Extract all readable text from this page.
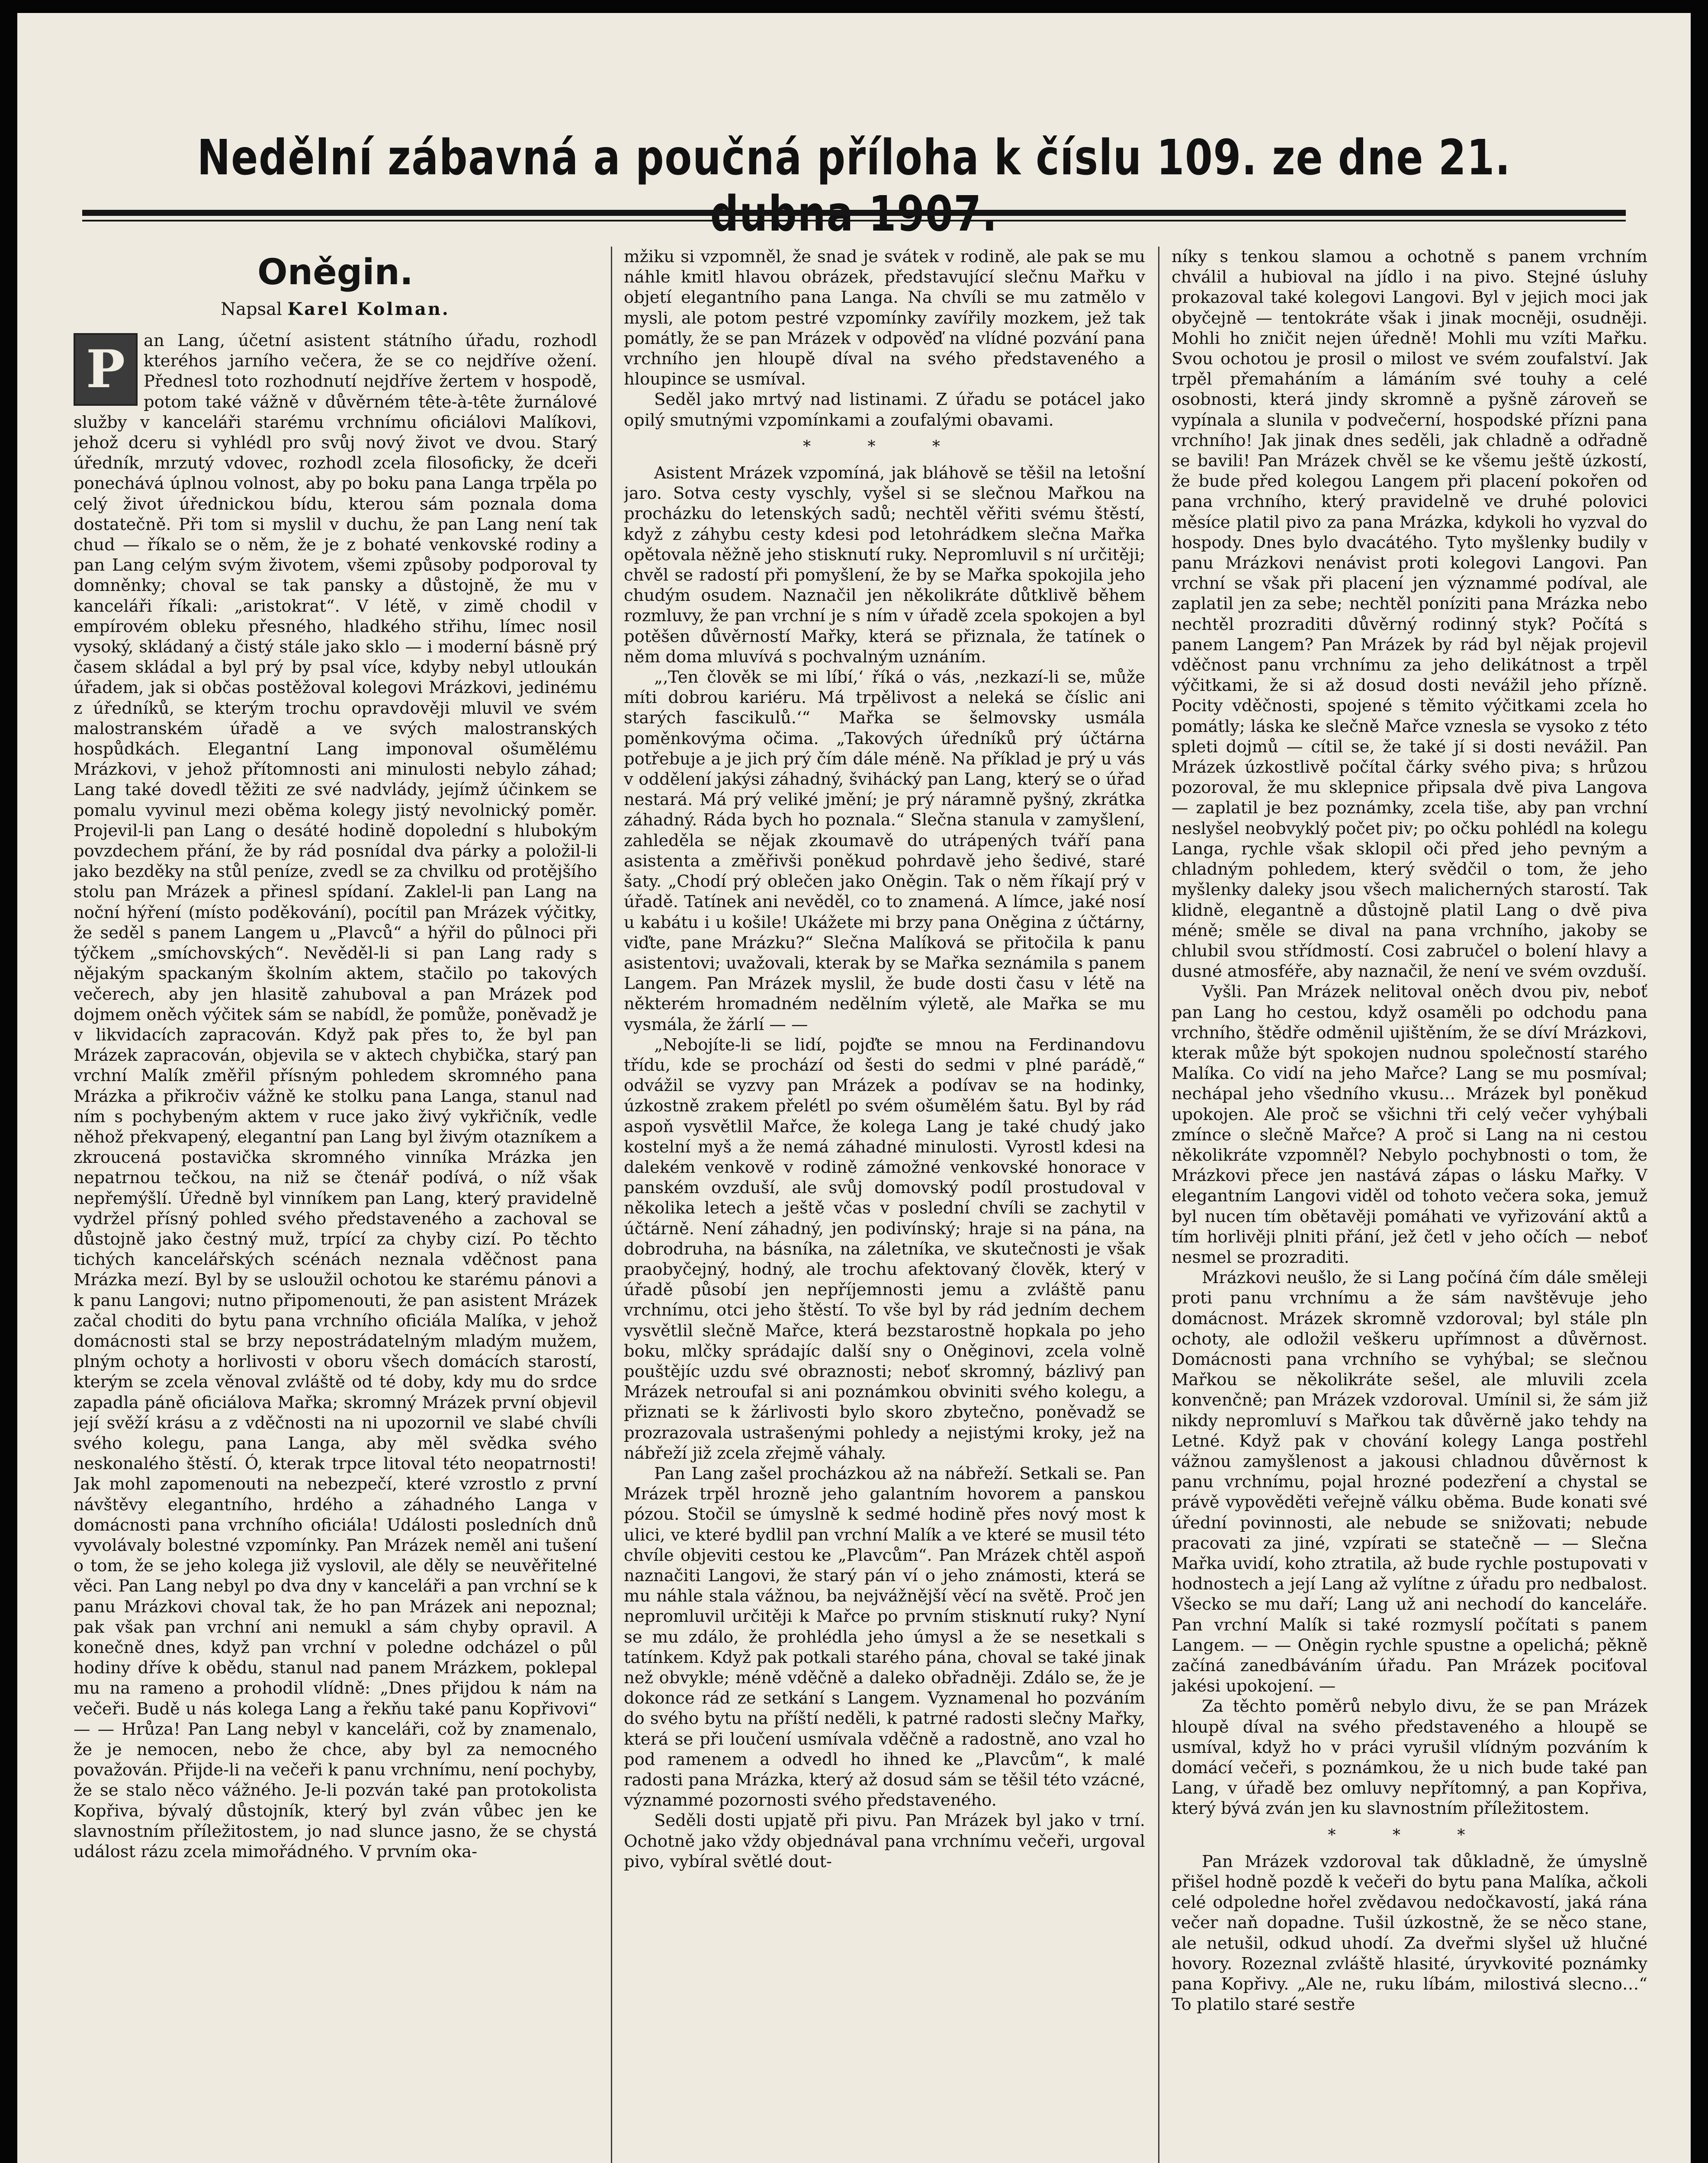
Nedělní zábavná a poučná příloha k číslu 109. ze dne 21.
Oněgin.
Napsal Karel Kolman.
P	an Lang, účetní asistent státního úřadu, rozhodl kteréhos jarního večera, že se co nejdříve ožení. Přednesl toto rozhodnutí nejdříve žertem v hospodě, potom také vážně v důvěrném tête-à-tête žurnálové služby v kanceláři starému vrchnímu oficiálovi Malíkovi, jehož dceru si vyhlédl pro svůj nový život ve dvou. Starý úředník, mrzutý vdovec, rozhodl zcela filosoficky, že dceři ponechává úplnou volnost, aby po boku pana Langa trpěla po celý život úřednickou bídu, kterou sám poznala doma dostatečně. Při tom si myslil v duchu, že pan Lang není tak chud — říkalo se o něm, že je z bohaté venkovské rodiny a pan Lang celým svým životem, všemi způsoby podporoval ty domněnky; choval se tak pansky a důstojně, že mu v kanceláři říkali: „aristokrat“. V létě, v zimě chodil v empírovém obleku přesného, hladkého střihu, límec nosil vysoký, skládaný a čistý stále jako sklo — i moderní básně prý časem skládal a byl prý by psal více, kdyby nebyl utloukán úřadem, jak si občas postěžoval kolegovi Mrázkovi, jedinému z úředníků, se kterým trochu opravdověji mluvil ve svém malostranském úřadě a ve svých malostranských hospůdkách. Elegantní Lang imponoval ošumělému Mrázkovi, v jehož přítomnosti ani minulosti nebylo záhad; Lang také dovedl těžiti ze své nadvlády, jejímž účinkem se pomalu vyvinul mezi oběma kolegy jistý nevolnický poměr. Projevil-li pan Lang o desáté hodině dopolední s hlubokým povzdechem přání, že by rád posnídal dva párky a položil-li jako bezděky na stůl peníze, zvedl se za chvilku od protějšího stolu pan Mrázek a přinesl spídaní. Zaklel-li pan Lang na noční hýření (místo poděkování), pocítil pan Mrázek výčitky, že seděl s panem Langem u „Plavců“ a hýřil do půlnoci při týčkem „smíchovských“. Nevěděl-li si pan Lang rady s nějakým spackaným školním aktem, stačilo po takových večerech, aby jen hlasitě zahuboval a pan Mrázek pod dojmem oněch výčitek sám se nabídl, že pomůže, poněvadž je v likvidacích zapracován. Když pak přes to, že byl pan Mrázek zapracován, objevila se v aktech chybička, starý pan vrchní Malík změřil přísným pohledem skromného pana Mrázka a přikročiv vážně ke stolku pana Langa, stanul nad ním s pochybeným aktem v ruce jako živý vykřičník, vedle něhož překvapený, elegantní pan Lang byl živým otazníkem a zkroucená postavička skromného vinníka Mrázka jen nepatrnou tečkou, na niž se čtenář podívá, o níž však nepřemýšlí. Úředně byl vinníkem pan Lang, který pravidelně vydržel přísný pohled svého představeného a zachoval se důstojně jako čestný muž, trpící za chyby cizí. Po těchto tichých kancelářských scénách neznala vděčnost pana Mrázka mezí. Byl by se usloužil ochotou ke starému pánovi a k panu Langovi; nutno připomenouti, že pan asistent Mrázek začal choditi do bytu pana vrchního oficiála Malíka, v jehož domácnosti stal se brzy nepostrádatelným mladým mužem, plným ochoty a horlivosti v oboru všech domácích starostí, kterým se zcela věnoval zvláště od té doby, kdy mu do srdce zapadla páně oficiálova Mařka; skromný Mrázek první objevil její svěží krásu a z vděčnosti na ni upozornil ve slabé chvíli svého kolegu, pana Langa, aby měl svědka svého neskonalého štěstí. Ó, kterak trpce litoval této neopatrnosti! Jak mohl zapomenouti na nebezpečí, které vzrostlo z první návštěvy elegantního, hrdého a záhadného Langa v domácnosti pana vrchního oficiála! Události posledních dnů vyvolávaly bolestné vzpomínky. Pan Mrázek neměl ani tušení o tom, že se jeho kolega již vyslovil, ale děly se neuvěřitelné věci. Pan Lang nebyl po dva dny v kanceláři a pan vrchní se k panu Mrázkovi choval tak, že ho pan Mrázek ani nepoznal; pak však pan vrchní ani nemukl a sám chyby opravil. A konečně dnes, když pan vrchní v poledne odcházel o půl hodiny dříve k obědu, stanul nad panem Mrázkem, poklepal mu na rameno a prohodil vlídně: „Dnes přijdou k nám na večeři. Budě u nás kolega Lang a řekňu také panu Kopřivovi“ — — Hrůza! Pan Lang nebyl v kanceláři, což by znamenalo, že je nemocen, nebo že chce, aby byl za nemocného považován. Přijde-li na večeři k panu vrchnímu, není pochyby, že se stalo něco vážného. Je-li pozván také pan protokolista Kopřiva, bývalý důstojník, který byl zván vůbec jen ke slavnostním příležitostem, jo nad slunce jasno, že se chystá událost rázu zcela mimořádného. V prvním oka-

mžiku si vzpomněl, že snad je svátek v rodině, ale pak se mu náhle kmitl hlavou obrázek, představující slečnu Mařku v objetí elegantního pana Langa. Na chvíli se mu zatmělo v mysli, ale potom pestré vzpomínky zavířily mozkem, jež tak pomátly, že se pan Mrázek v odpověď na vlídné pozvání pana vrchního jen hloupě díval na svého představeného a hloupince se usmíval.

Seděl jako mrtvý nad listinami. Z úřadu se potácel jako opilý smutnými vzpomínkami a zoufalými obavami.

* * *

Asistent Mrázek vzpomíná, jak bláhově se těšil na letošní jaro. Sotva cesty vyschly, vyšel si se slečnou Mařkou na procházku do letenských sadů; nechtěl věřiti svému štěstí, když z záhybu cesty kdesi pod letohrádkem slečna Mařka opětovala něžně jeho stisknutí ruky. Nepromluvil s ní určitěji; chvěl se radostí při pomyšlení, že by se Mařka spokojila jeho chudým osudem. Naznačil jen několikráte důtklivě během rozmluvy, že pan vrchní je s ním v úřadě zcela spokojen a byl potěšen důvěrností Mařky, která se přiznala, že tatínek o něm doma mluvívá s pochvalným uznáním.

„‚Ten člověk se mi líbí,‘ říká o vás, ‚nezkazí-li se, může míti dobrou kariéru. Má trpělivost a neleká se číslic ani starých fascikulů.‘“ Mařka se šelmovsky usmála poměnkovýma očima. „Takových úředníků prý účtárna potřebuje a je jich prý čím dále méně. Na příklad je prý u vás v oddělení jakýsi záhadný, švihácký pan Lang, který se o úřad nestará. Má prý veliké jmění; je prý náramně pyšný, zkrátka záhadný. Ráda bych ho poznala.“ Slečna stanula v zamyšlení, zahleděla se nějak zkoumavě do utrápených tváří pana asistenta a změřivši poněkud pohrdavě jeho šedivé, staré šaty. „Chodí prý oblečen jako Oněgin. Tak o něm říkají prý v úřadě. Tatínek ani nevěděl, co to znamená. A límce, jaké nosí u kabátu i u košile! Ukážete mi brzy pana Oněgina z účtárny, viďte, pane Mrázku?“ Slečna Malíková se přitočila k panu asistentovi; uvažovali, kterak by se Mařka seznámila s panem Langem. Pan Mrázek myslil, že bude dosti času v létě na některém hromadném nedělním výletě, ale Mařka se mu vysmála, že žárlí — —

„Nebojíte-li se lidí, pojďte se mnou na Ferdinandovu třídu, kde se prochází od šesti do sedmi v plné parádě,“ odvážil se vyzvy pan Mrázek a podívav se na hodinky, úzkostně zrakem přelétl po svém ošumělém šatu. Byl by rád aspoň vysvětlil Mařce, že kolega Lang je také chudý jako kostelní myš a že nemá záhadné minulosti. Vyrostl kdesi na dalekém venkově v rodině zámožné venkovské honorace v panském ovzduší, ale svůj domovský podíl prostudoval v několika letech a ještě včas v poslední chvíli se zachytil v účtárně. Není záhadný, jen podivínský; hraje si na pána, na dobrodruha, na básníka, na záletníka, ve skutečnosti je však praobyčejný, hodný, ale trochu afektovaný člověk, který v úřadě působí jen nepříjemnosti jemu a zvláště panu vrchnímu, otci jeho štěstí. To vše byl by rád jedním dechem vysvětlil slečně Mařce, která bezstarostně hopkala po jeho boku, mlčky sprádajíc další sny o Oněginovi, zcela volně pouštějíc uzdu své obraznosti; neboť skromný, bázlivý pan Mrázek netroufal si ani poznámkou obviniti svého kolegu, a přiznati se k žárlivosti bylo skoro zbytečno, poněvadž se prozrazovala ustrašenými pohledy a nejistými kroky, jež na nábřeží již zcela zřejmě váhaly.

Pan Lang zašel procházkou až na nábřeží. Setkali se. Pan Mrázek trpěl hrozně jeho galantním hovorem a panskou pózou. Stočil se úmyslně k sedmé hodině přes nový most k ulici, ve které bydlil pan vrchní Malík a ve které se musil této chvíle objeviti cestou ke „Plavcům“. Pan Mrázek chtěl aspoň naznačiti Langovi, že starý pán ví o jeho známosti, která se mu náhle stala vážnou, ba nejvážnější věcí na světě. Proč jen nepromluvil určitěji k Mařce po prvním stisknutí ruky? Nyní se mu zdálo, že prohlédla jeho úmysl a že se nesetkali s tatínkem. Když pak potkali starého pána, choval se také jinak než obvykle; méně vděčně a daleko obřadněji. Zdálo se, že je dokonce rád ze setkání s Langem. Vyznamenal ho pozváním do svého bytu na příští neděli, k patrné radosti slečny Mařky, která se při loučení usmívala vděčně a radostně, ano vzal ho pod ramenem a odvedl ho ihned ke „Plavcům“, k malé radosti pana Mrázka, který až dosud sám se těšil této vzácné, význammé pozornosti svého představeného.

Seděli dosti upjatě při pivu. Pan Mrázek byl jako v trní. Ochotně jako vždy objednával pana vrchnímu večeři, urgoval pivo, vybíral světlé dout-

níky s tenkou slamou a ochotně s panem vrchním chválil a hubioval na jídlo i na pivo. Stejné úsluhy prokazoval také kolegovi Langovi. Byl v jejich moci jak obyčejně — tentokráte však i jinak mocněji, osudněji. Mohli ho zničit nejen úředně! Mohli mu vzíti Mařku. Svou ochotou je prosil o milost ve svém zoufalství. Jak trpěl přemaháním a lámáním své touhy a celé osobnosti, která jindy skromně a pyšně zároveň se vypínala a slunila v podvečerní, hospodské přízni pana vrchního! Jak jinak dnes seděli, jak chladně a odřadně se bavili! Pan Mrázek chvěl se ke všemu ještě úzkostí, že bude před kolegou Langem při placení pokořen od pana vrchního, který pravidelně ve druhé polovici měsíce platil pivo za pana Mrázka, kdykoli ho vyzval do hospody. Dnes bylo dvacátého. Tyto myšlenky budily v panu Mrázkovi nenávist proti kolegovi Langovi. Pan vrchní se však při placení jen význammé podíval, ale zaplatil jen za sebe; nechtěl poníziti pana Mrázka nebo nechtěl prozraditi důvěrný rodinný styk? Počítá s panem Langem? Pan Mrázek by rád byl nějak projevil vděčnost panu vrchnímu za jeho delikátnost a trpěl výčitkami, že si až dosud dosti nevážil jeho přízně. Pocity vděčnosti, spojené s těmito výčitkami zcela ho pomátly; láska ke slečně Mařce vznesla se vysoko z této spleti dojmů — cítil se, že také jí si dosti nevážil. Pan Mrázek úzkostlivě počítal čárky svého piva; s hrůzou pozoroval, že mu sklepnice připsala dvě piva Langova — zaplatil je bez poznámky, zcela tiše, aby pan vrchní neslyšel neobvyklý počet piv; po očku pohlédl na kolegu Langa, rychle však sklopil oči před jeho pevným a chladným pohledem, který svědčil o tom, že jeho myšlenky daleky jsou všech malicherných starostí. Tak klidně, elegantně a důstojně platil Lang o dvě piva méně; směle se dival na pana vrchního, jakoby se chlubil svou střídmostí. Cosi zabručel o bolení hlavy a dusné atmosféře, aby naznačil, že není ve svém ovzduší.

Vyšli. Pan Mrázek nelitoval oněch dvou piv, neboť pan Lang ho cestou, když osaměli po odchodu pana vrchního, štědře odměnil ujištěním, že se díví Mrázkovi, kterak může být spokojen nudnou společností starého Malíka. Co vidí na jeho Mařce? Lang se mu posmíval; nechápal jeho všedního vkusu… Mrázek byl poněkud upokojen. Ale proč se všichni tři celý večer vyhýbali zmínce o slečně Mařce? A proč si Lang na ni cestou několikráte vzpomněl? Nebylo pochybnosti o tom, že Mrázkovi přece jen nastává zápas o lásku Mařky. V elegantním Langovi viděl od tohoto večera soka, jemuž byl nucen tím obětavěji pomáhati ve vyřizování aktů a tím horlivěji plniti přání, jež četl v jeho očích — neboť nesmel se prozraditi.

Mrázkovi neušlo, že si Lang počíná čím dále směleji proti panu vrchnímu a že sám navštěvuje jeho domácnost. Mrázek skromně vzdoroval; byl stále pln ochoty, ale odložil veškeru upřímnost a důvěrnost. Domácnosti pana vrchního se vyhýbal; se slečnou Mařkou se několikráte sešel, ale mluvili zcela konvenčně; pan Mrázek vzdoroval. Umínil si, že sám již nikdy nepromluví s Mařkou tak důvěrně jako tehdy na Letné. Když pak v chování kolegy Langa postřehl vážnou zamyšlenost a jakousi chladnou důvěrnost k panu vrchnímu, pojal hrozné podezření a chystal se právě vypověděti veřejně válku oběma. Bude konati své úřední povinnosti, ale nebude se snižovati; nebude pracovati za jiné, vzpírati se statečně — — Slečna Mařka uvidí, koho ztratila, až bude rychle postupovati v hodnostech a její Lang až vylítne z úřadu pro nedbalost. Všecko se mu daří; Lang už ani nechodí do kanceláře. Pan vrchní Malík si také rozmyslí počítati s panem Langem. — — Oněgin rychle spustne a opelichá; pěkně začíná zanedbáváním úřadu. Pan Mrázek pociťoval jakési upokojení. —

Za těchto poměrů nebylo divu, že se pan Mrázek hloupě díval na svého představeného a hloupě se usmíval, když ho v práci vyrušil vlídným pozváním k domácí večeři, s poznámkou, že u nich bude také pan Lang, v úřadě bez omluvy nepřítomný, a pan Kopřiva, který bývá zván jen ku slavnostním příležitostem.

* * *

Pan Mrázek vzdoroval tak důkladně, že úmyslně přišel hodně pozdě k večeři do bytu pana Malíka, ačkoli celé odpoledne hořel zvědavou nedočkavostí, jaká rána večer naň dopadne. Tušil úzkostně, že se něco stane, ale netušil, odkud uhodí. Za dveřmi slyšel už hlučné hovory. Rozeznal zvláště hlasité, úryvkovité poznámky pana Kopřivy. „Ale ne, ruku líbám, milostivá slecno…“ To platilo staré sestře
